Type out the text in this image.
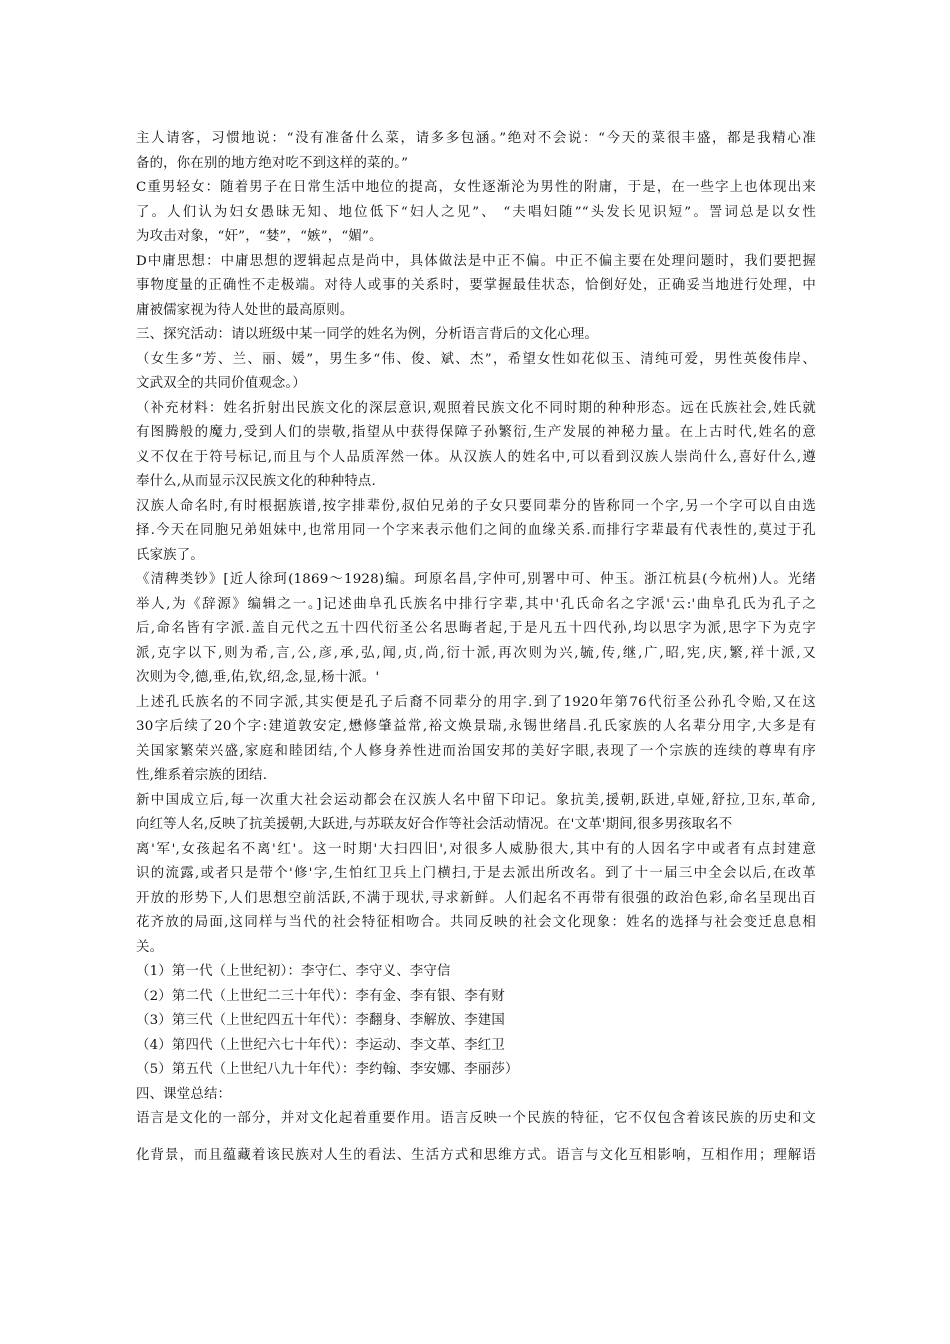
主人请客，习惯地说：“没有准备什么菜，请多多包涵。”绝对不会说：“今天的菜很丰盛，都是我精心准
备的，你在别的地方绝对吃不到这样的菜的。”
C重男轻女：随着男子在日常生活中地位的提高，女性逐渐沦为男性的附庸，于是，在一些字上也体现出来
了。人们认为妇女愚昧无知、地位低下“妇人之见”、 “夫唱妇随”“头发长见识短”。詈词总是以女性
为攻击对象，“奸”，“婪”，“嫉”，“媚”。
D中庸思想：中庸思想的逻辑起点是尚中，具体做法是中正不偏。中正不偏主要在处理问题时，我们要把握
事物度量的正确性不走极端。对待人或事的关系时，要掌握最佳状态，恰倒好处，正确妥当地进行处理，中
庸被儒家视为待人处世的最高原则。
三、探究活动：请以班级中某一同学的姓名为例，分析语言背后的文化心理。
（女生多“芳、兰、丽、媛”，男生多“伟、俊、斌、杰”，希望女性如花似玉、清纯可爱，男性英俊伟岸、
文武双全的共同价值观念。）
（补充材料：姓名折射出民族文化的深层意识,观照着民族文化不同时期的种种形态。远在氏族社会,姓氏就
有图腾般的魔力,受到人们的崇敬,指望从中获得保障子孙繁衍,生产发展的神秘力量。在上古时代,姓名的意
义不仅在于符号标记,而且与个人品质浑然一体。从汉族人的姓名中,可以看到汉族人崇尚什么,喜好什么,遵
奉什么,从而显示汉民族文化的种种特点.
汉族人命名时,有时根据族谱,按字排辈份,叔伯兄弟的子女只要同辈分的皆称同一个字,另一个字可以自由选
择.今天在同胞兄弟姐妹中,也常用同一个字来表示他们之间的血缘关系.而排行字辈最有代表性的,莫过于孔
氏家族了。
《清稗类钞》[近人徐珂(1869～1928)编。珂原名昌,字仲可,别署中可、仲玉。浙江杭县(今杭州)人。光绪
举人,为《辞源》编辑之一。]记述曲阜孔氏族名中排行字辈,其中'孔氏命名之字派'云:'曲阜孔氏为孔子之
后,命名皆有字派.盖自元代之五十四代衍圣公名思晦者起,于是凡五十四代孙,均以思字为派,思字下为克字
派,克字以下,则为希,言,公,彦,承,弘,闻,贞,尚,衍十派,再次则为兴,毓,传,继,广,昭,宪,庆,繁,祥十派,又
次则为令,德,垂,佑,钦,绍,念,显,杨十派。'
上述孔氏族名的不同字派,其实便是孔子后裔不同辈分的用字.到了1920年第76代衍圣公孙孔令贻,又在这
30字后续了20个字:建道敦安定,懋修肇益常,裕文焕景瑞,永锡世绪昌.孔氏家族的人名辈分用字,大多是有
关国家繁荣兴盛,家庭和睦团结,个人修身养性进而治国安邦的美好字眼,表现了一个宗族的连续的尊卑有序
性,维系着宗族的团结.
新中国成立后,每一次重大社会运动都会在汉族人名中留下印记。象抗美,援朝,跃进,卓娅,舒拉,卫东,革命,
向红等人名,反映了抗美援朝,大跃进,与苏联友好合作等社会活动情况。在'文革'期间,很多男孩取名不
离'军',女孩起名不离'红'。这一时期'大扫四旧',对很多人威胁很大,其中有的人因名字中或者有点封建意
识的流露,或者只是带个'修'字,生怕红卫兵上门横扫,于是去派出所改名。到了十一届三中全会以后,在改革
开放的形势下,人们思想空前活跃,不满于现状,寻求新鲜。人们起名不再带有很强的政治色彩,命名呈现出百
花齐放的局面,这同样与当代的社会特征相吻合。共同反映的社会文化现象：姓名的选择与社会变迁息息相
关。
（1）第一代（上世纪初）：李守仁、李守义、李守信
（2）第二代（上世纪二三十年代）：李有金、李有银、李有财
（3）第三代（上世纪四五十年代）：李翻身、李解放、李建国
（4）第四代（上世纪六七十年代）：李运动、李文革、李红卫
（5）第五代（上世纪八九十年代）：李约翰、李安娜、李丽莎）
四、课堂总结：
语言是文化的一部分，并对文化起着重要作用。语言反映一个民族的特征，它不仅包含着该民族的历史和文
化背景，而且蕴藏着该民族对人生的看法、生活方式和思维方式。语言与文化互相影响，互相作用；理解语
